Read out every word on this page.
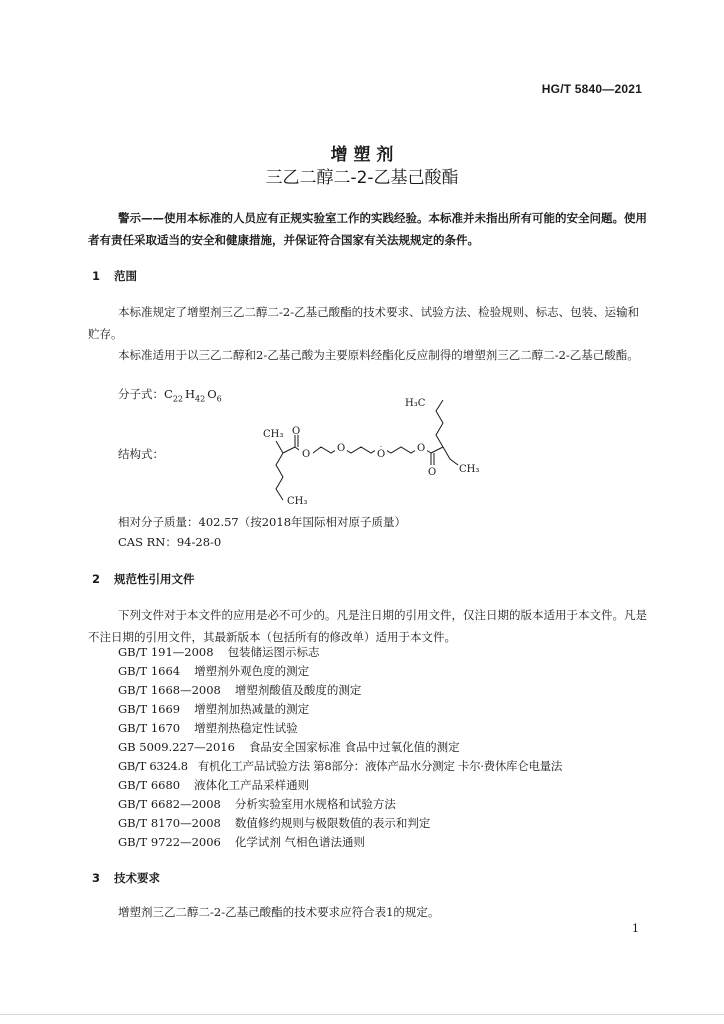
HG/T 5840—2021
增 塑 剂
三乙二醇二-2-乙基己酸酯
警示——使用本标准的人员应有正规实验室工作的实践经验。本标准并未指出所有可能的安全问题。使用者有责任采取适当的安全和健康措施，并保证符合国家有关法规规定的条件。
1 范围
本标准规定了增塑剂三乙二醇二-2-乙基己酸酯的技术要求、试验方法、检验规则、标志、包装、运输和贮存。
本标准适用于以三乙二醇和2-乙基己酸为主要原料经酯化反应制得的增塑剂三乙二醇二-2-乙基己酸酯。
分子式：$C_{22}$ $H_{42}$ $O_6$
结构式：
CH₃ O
O
O
O
O
O
H₃C
CH₃
CH₃
相对分子质量：402.57（按2018年国际相对原子质量）
CAS RN：94-28-0
2 规范性引用文件
下列文件对于本文件的应用是必不可少的。凡是注日期的引用文件，仅注日期的版本适用于本文件。凡是不注日期的引用文件，其最新版本（包括所有的修改单）适用于本文件。
GB/T 191—2008 包装储运图示标志
GB/T 1664 增塑剂外观色度的测定
GB/T 1668—2008 增塑剂酸值及酸度的测定
GB/T 1669 增塑剂加热减量的测定
GB/T 1670 增塑剂热稳定性试验
GB 5009.227—2016 食品安全国家标准 食品中过氧化值的测定
GB/T 6324.8 有机化工产品试验方法 第8部分：液体产品水分测定 卡尔·费休库仑电量法
GB/T 6680 液体化工产品采样通则
GB/T 6682—2008 分析实验室用水规格和试验方法
GB/T 8170—2008 数值修约规则与极限数值的表示和判定
GB/T 9722—2006 化学试剂 气相色谱法通则
3 技术要求
增塑剂三乙二醇二-2-乙基己酸酯的技术要求应符合表1的规定。
1
